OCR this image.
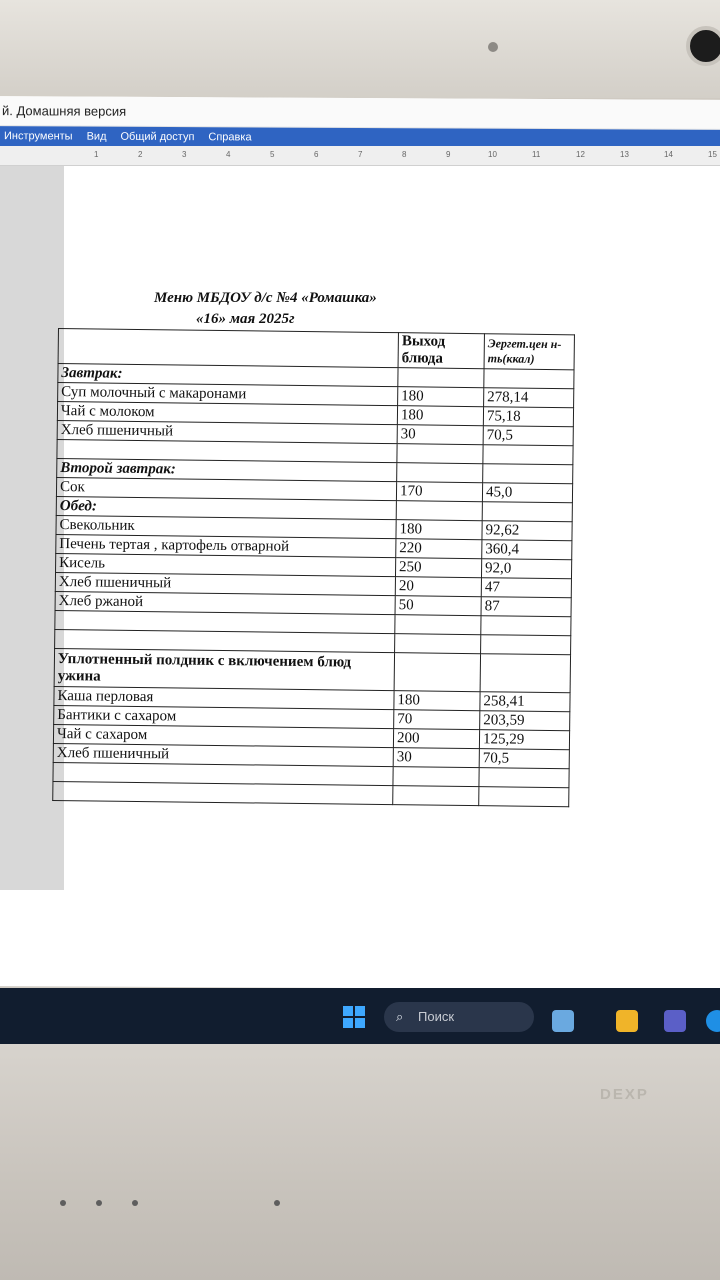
й. Домашняя версия
Инструменты Вид Общий доступ Справка
1	2	3	4	5	6	7	8	9	10	11	12	13	14	15
Меню МБДОУ д/с №4 «Ромашка»
«16» мая 2025г
	Выход блюда	Эергет.цен н-ть(ккал)
Завтрак:		
Суп молочный с макаронами	180	278,14
Чай с молоком	180	75,18
Хлеб пшеничный	30	70,5

Второй завтрак:		
Сок	170	45,0
Обед:		
Свекольник	180	92,62
Печень тертая , картофель отварной	220	360,4
Кисель	250	92,0
Хлеб пшеничный	20	47
Хлеб ржаной	50	87

Уплотненный полдник с включением блюд ужина		
Каша перловая	180	258,41
Бантики с сахаром	70	203,59
Чай с сахаром	200	125,29
Хлеб пшеничный	30	70,5

⌕ Поиск
DEXP
